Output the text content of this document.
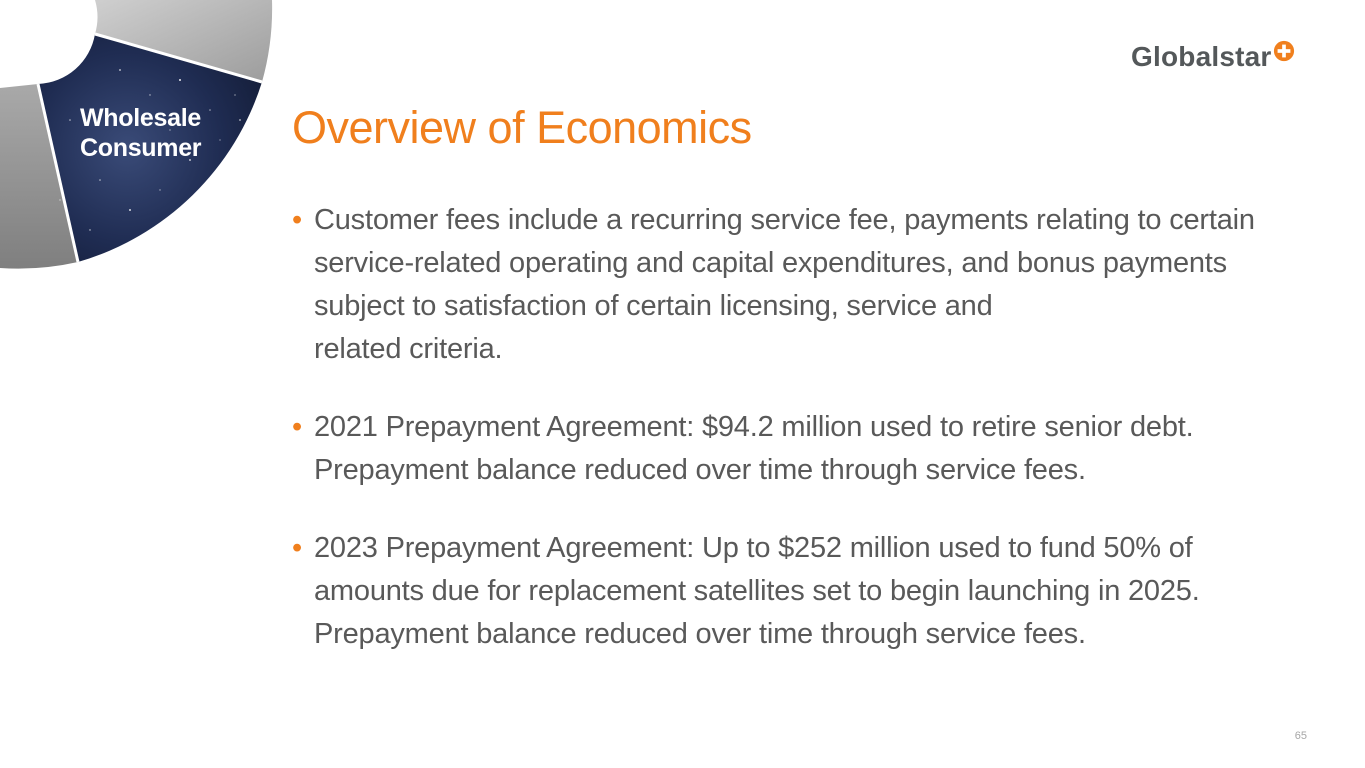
Wholesale
Consumer
Globalstar
Overview of Economics
• Customer fees include a recurring service fee, payments relating to certain
service-related operating and capital expenditures, and bonus payments
subject to satisfaction of certain licensing, service and
related criteria.
• 2021 Prepayment Agreement: $94.2 million used to retire senior debt.
Prepayment balance reduced over time through service fees.
• 2023 Prepayment Agreement: Up to $252 million used to fund 50% of
amounts due for replacement satellites set to begin launching in 2025.
Prepayment balance reduced over time through service fees.
65
